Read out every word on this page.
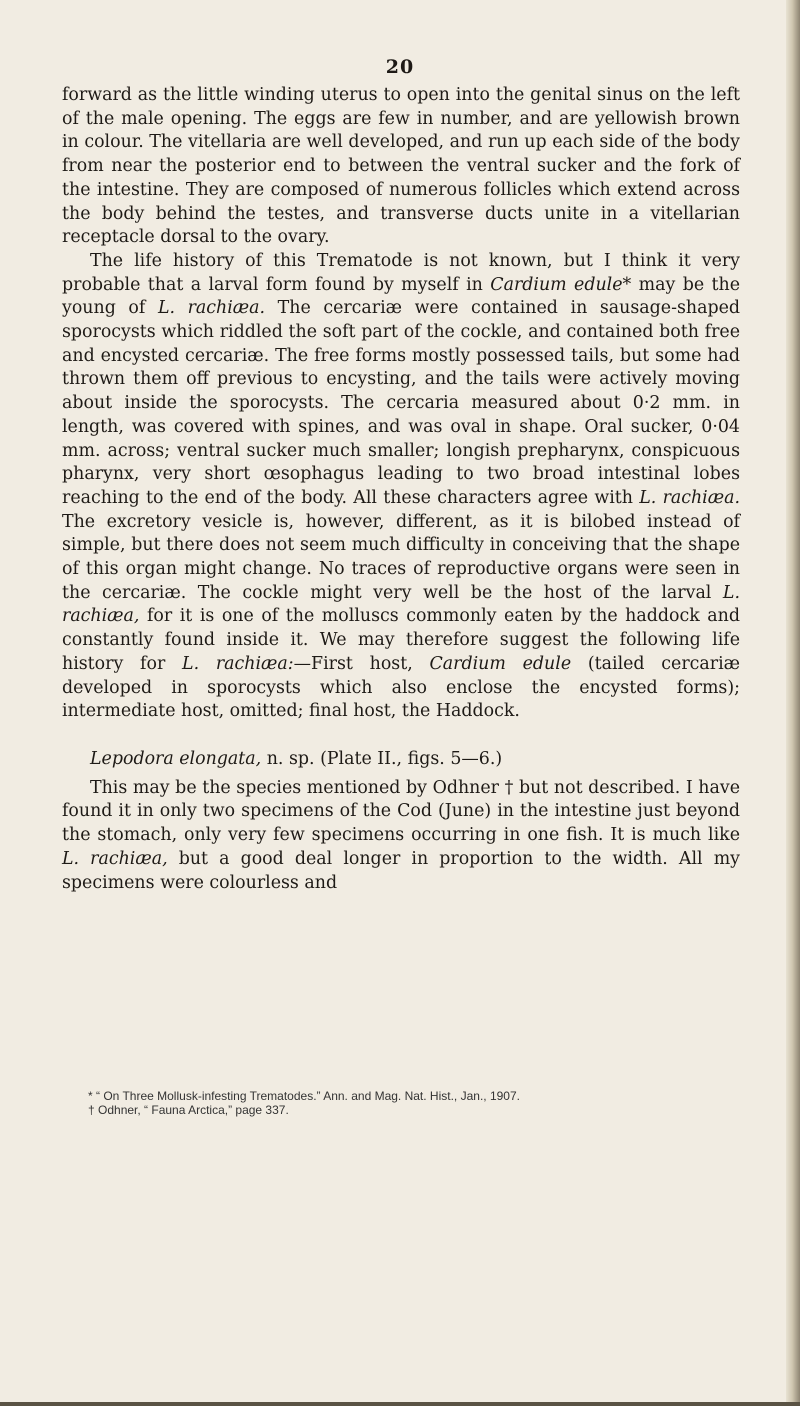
20

forward as the little winding uterus to open into the genital sinus on the left of the male opening. The eggs are few in number, and are yellowish brown in colour. The vitellaria are well developed, and run up each side of the body from near the posterior end to between the ventral sucker and the fork of the intestine. They are composed of numerous follicles which extend across the body behind the testes, and transverse ducts unite in a vitellarian receptacle dorsal to the ovary.

The life history of this Trematode is not known, but I think it very probable that a larval form found by myself in Cardium edule* may be the young of L. rachiæa. The cercariæ were contained in sausage-shaped sporocysts which riddled the soft part of the cockle, and contained both free and encysted cercariæ. The free forms mostly possessed tails, but some had thrown them off previous to encysting, and the tails were actively moving about inside the sporocysts. The cercaria measured about 0·2 mm. in length, was covered with spines, and was oval in shape. Oral sucker, 0·04 mm. across; ventral sucker much smaller; longish prepharynx, conspicuous pharynx, very short œsophagus leading to two broad intestinal lobes reaching to the end of the body. All these characters agree with L. rachiæa. The excretory vesicle is, however, different, as it is bilobed instead of simple, but there does not seem much difficulty in conceiving that the shape of this organ might change. No traces of reproductive organs were seen in the cercariæ. The cockle might very well be the host of the larval L. rachiæa, for it is one of the molluscs commonly eaten by the haddock and constantly found inside it. We may therefore suggest the following life history for L. rachiæa:—First host, Cardium edule (tailed cercariæ developed in sporocysts which also enclose the encysted forms); intermediate host, omitted; final host, the Haddock.

Lepodora elongata, n. sp. (Plate II., figs. 5—6.)

This may be the species mentioned by Odhner † but not described. I have found it in only two specimens of the Cod (June) in the intestine just beyond the stomach, only very few specimens occurring in one fish. It is much like L. rachiæa, but a good deal longer in proportion to the width. All my specimens were colourless and

* “ On Three Mollusk-infesting Trematodes.” Ann. and Mag. Nat. Hist., Jan., 1907.

† Odhner, “ Fauna Arctica,” page 337.
